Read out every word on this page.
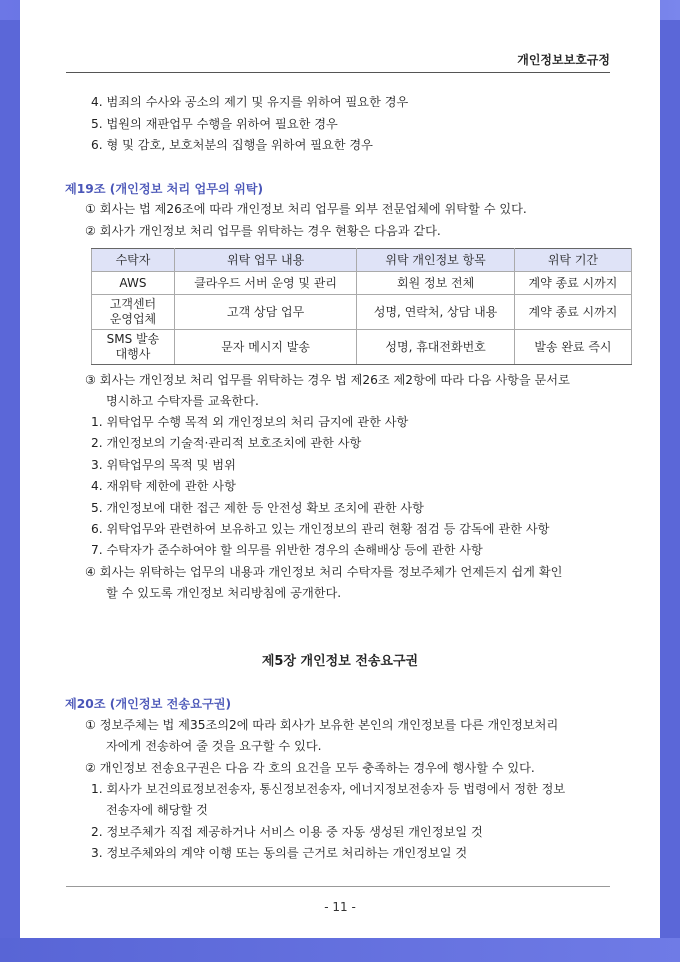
개인정보보호규정
4. 범죄의 수사와 공소의 제기 및 유지를 위하여 필요한 경우
5. 법원의 재판업무 수행을 위하여 필요한 경우
6. 형 및 감호, 보호처분의 집행을 위하여 필요한 경우
제19조 (개인정보 처리 업무의 위탁)
① 회사는 법 제26조에 따라 개인정보 처리 업무를 외부 전문업체에 위탁할 수 있다.
② 회사가 개인정보 처리 업무를 위탁하는 경우 현황은 다음과 같다.
수탁자	위탁 업무 내용	위탁 개인정보 항목	위탁 기간
AWS	클라우드 서버 운영 및 관리	회원 정보 전체	계약 종료 시까지
고객센터
운영업체	고객 상담 업무	성명, 연락처, 상담 내용	계약 종료 시까지
SMS 발송
대행사	문자 메시지 발송	성명, 휴대전화번호	발송 완료 즉시
③ 회사는 개인정보 처리 업무를 위탁하는 경우 법 제26조 제2항에 따라 다음 사항을 문서로
명시하고 수탁자를 교육한다.
1. 위탁업무 수행 목적 외 개인정보의 처리 금지에 관한 사항
2. 개인정보의 기술적·관리적 보호조치에 관한 사항
3. 위탁업무의 목적 및 범위
4. 재위탁 제한에 관한 사항
5. 개인정보에 대한 접근 제한 등 안전성 확보 조치에 관한 사항
6. 위탁업무와 관련하여 보유하고 있는 개인정보의 관리 현황 점검 등 감독에 관한 사항
7. 수탁자가 준수하여야 할 의무를 위반한 경우의 손해배상 등에 관한 사항
④ 회사는 위탁하는 업무의 내용과 개인정보 처리 수탁자를 정보주체가 언제든지 쉽게 확인
할 수 있도록 개인정보 처리방침에 공개한다.
제5장 개인정보 전송요구권
제20조 (개인정보 전송요구권)
① 정보주체는 법 제35조의2에 따라 회사가 보유한 본인의 개인정보를 다른 개인정보처리
자에게 전송하여 줄 것을 요구할 수 있다.
② 개인정보 전송요구권은 다음 각 호의 요건을 모두 충족하는 경우에 행사할 수 있다.
1. 회사가 보건의료정보전송자, 통신정보전송자, 에너지정보전송자 등 법령에서 정한 정보
전송자에 해당할 것
2. 정보주체가 직접 제공하거나 서비스 이용 중 자동 생성된 개인정보일 것
3. 정보주체와의 계약 이행 또는 동의를 근거로 처리하는 개인정보일 것
- 11 -
